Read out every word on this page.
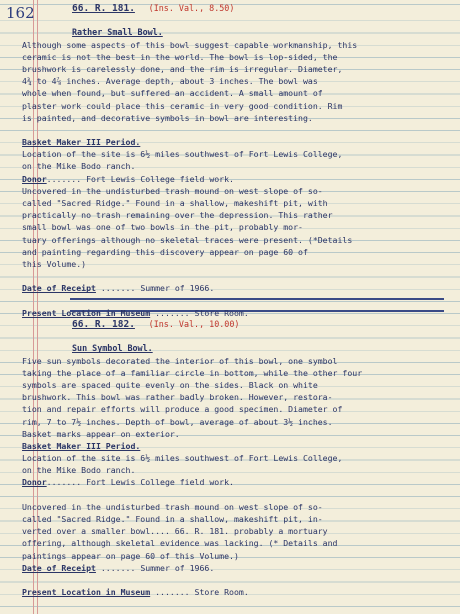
162	66. R. 181. (Ins. Val., 8.50)
Rather Small Bowl.
Although some aspects of this bowl suggest capable workmanship, this
ceramic is not the best in the world. The bowl is lop-sided, the
brushwork is carelessly done, and the rim is irregular. Diameter,
4¾ to 4⅞ inches. Average depth, about 3 inches. The bowl was
whole when found, but suffered an accident. A small amount of
plaster work could place this ceramic in very good condition. Rim
is painted, and decorative symbols in bowl are interesting.
Basket Maker III Period.
Location of the site is 6½ miles southwest of Fort Lewis College,
on the Mike Bodo ranch.
Donor....... Fort Lewis College field work.
Uncovered in the undisturbed trash mound on west slope of so-
called "Sacred Ridge." Found in a shallow, makeshift pit, with
practically no trash remaining over the depression. This rather
small bowl was one of two bowls in the pit, probably mor-
tuary offerings although no skeletal traces were present. (*Details
and painting regarding this discovery appear on page 60 of
this Volume.)
Date of Receipt ....... Summer of 1966.
Present Location in Museum ....... Store Room.
66. R. 182. (Ins. Val., 10.00)
Sun Symbol Bowl.
Five sun symbols decorated the interior of this bowl, one symbol
taking the place of a familiar circle in bottom, while the other four
symbols are spaced quite evenly on the sides. Black on white
brushwork. This bowl was rather badly broken. However, restora-
tion and repair efforts will produce a good specimen. Diameter of
rim, 7 to 7½ inches. Depth of bowl, average of about 3½ inches.
Basket marks appear on exterior.
Basket Maker III Period.
Location of the site is 6½ miles southwest of Fort Lewis College,
on the Mike Bodo ranch.
Donor....... Fort Lewis College field work.
Uncovered in the undisturbed trash mound on west slope of so-
called "Sacred Ridge." Found in a shallow, makeshift pit, in-
verted over a smaller bowl.... 66. R. 181. probably a mortuary
offering, although skeletal evidence was lacking. (* Details and
paintings appear on page 60 of this Volume.)
Date of Receipt ....... Summer of 1966.
Present Location in Museum ....... Store Room.
